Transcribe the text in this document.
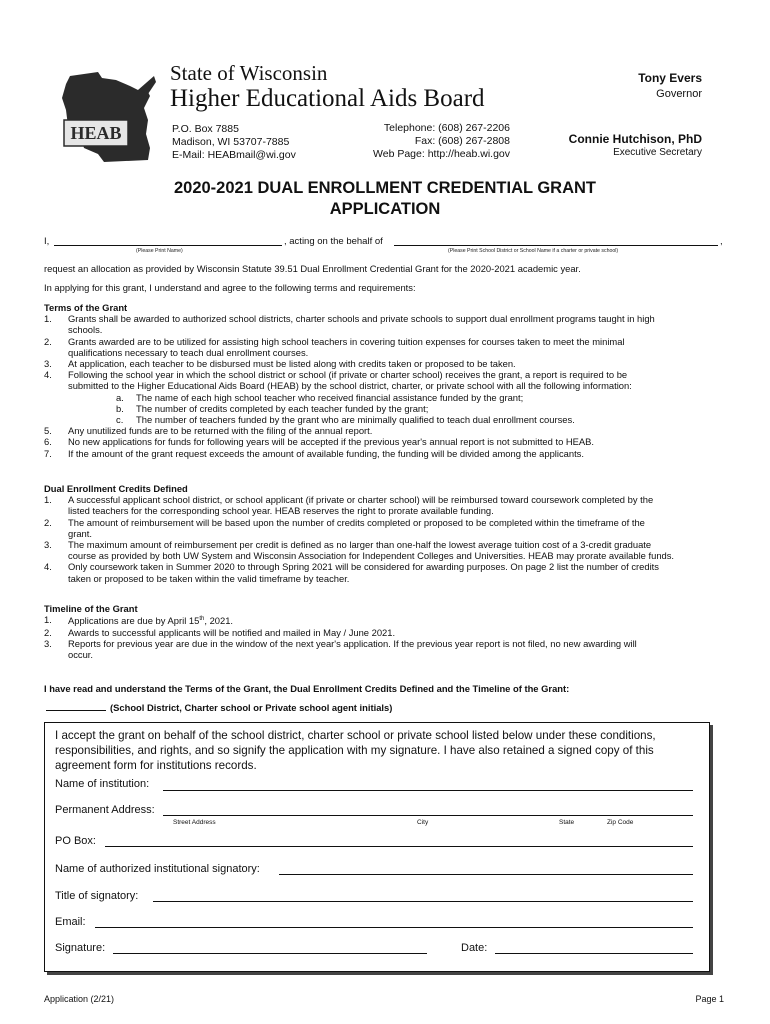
HEAB
State of Wisconsin
Higher Educational Aids Board
P.O. Box 7885
Madison, WI 53707-7885
E-Mail: HEABmail@wi.gov
Telephone: (608) 267-2206
Fax: (608) 267-2808
Web Page: http://heab.wi.gov
Tony Evers
Governor
Connie Hutchison, PhD
Executive Secretary
2020-2021 DUAL ENROLLMENT CREDENTIAL GRANT
APPLICATION
I,
(Please Print Name)
, acting on the behalf of
(Please Print School District or School Name if a charter or private school)
,
request an allocation as provided by Wisconsin Statute 39.51 Dual Enrollment Credential Grant for the 2020-2021 academic year.
In applying for this grant, I understand and agree to the following terms and requirements:
Terms of the Grant
1.	Grants shall be awarded to authorized school districts, charter schools and private schools to support dual enrollment programs taught in high
schools.
2.	Grants awarded are to be utilized for assisting high school teachers in covering tuition expenses for courses taken to meet the minimal
qualifications necessary to teach dual enrollment courses.
3.	At application, each teacher to be disbursed must be listed along with credits taken or proposed to be taken.
4.	Following the school year in which the school district or school (if private or charter school) receives the grant, a report is required to be
submitted to the Higher Educational Aids Board (HEAB) by the school district, charter, or private school with all the following information:
a.	The name of each high school teacher who received financial assistance funded by the grant;
b.	The number of credits completed by each teacher funded by the grant;
c.	The number of teachers funded by the grant who are minimally qualified to teach dual enrollment courses.
5.	Any unutilized funds are to be returned with the filing of the annual report.
6.	No new applications for funds for following years will be accepted if the previous year's annual report is not submitted to HEAB.
7.	If the amount of the grant request exceeds the amount of available funding, the funding will be divided among the applicants.
Dual Enrollment Credits Defined
1.	A successful applicant school district, or school applicant (if private or charter school) will be reimbursed toward coursework completed by the
listed teachers for the corresponding school year. HEAB reserves the right to prorate available funding.
2.	The amount of reimbursement will be based upon the number of credits completed or proposed to be completed within the timeframe of the
grant.
3.	The maximum amount of reimbursement per credit is defined as no larger than one-half the lowest average tuition cost of a 3-credit graduate
course as provided by both UW System and Wisconsin Association for Independent Colleges and Universities. HEAB may prorate available funds.
4.	Only coursework taken in Summer 2020 to through Spring 2021 will be considered for awarding purposes. On page 2 list the number of credits
taken or proposed to be taken within the valid timeframe by teacher.
Timeline of the Grant
1.	Applications are due by April 15th, 2021.
2.	Awards to successful applicants will be notified and mailed in May / June 2021.
3.	Reports for previous year are due in the window of the next year's application. If the previous year report is not filed, no new awarding will
occur.
I have read and understand the Terms of the Grant, the Dual Enrollment Credits Defined and the Timeline of the Grant:
(School District, Charter school or Private school agent initials)
I accept the grant on behalf of the school district, charter school or private school listed below under these conditions, responsibilities, and rights, and so signify the application with my signature. I have also retained a signed copy of this agreement form for institutions records.
Name of institution:
Permanent Address:
Street Address	City	State	Zip Code
PO Box:
Name of authorized institutional signatory:
Title of signatory:
Email:
Signature:	Date:
Application (2/21)	Page 1
